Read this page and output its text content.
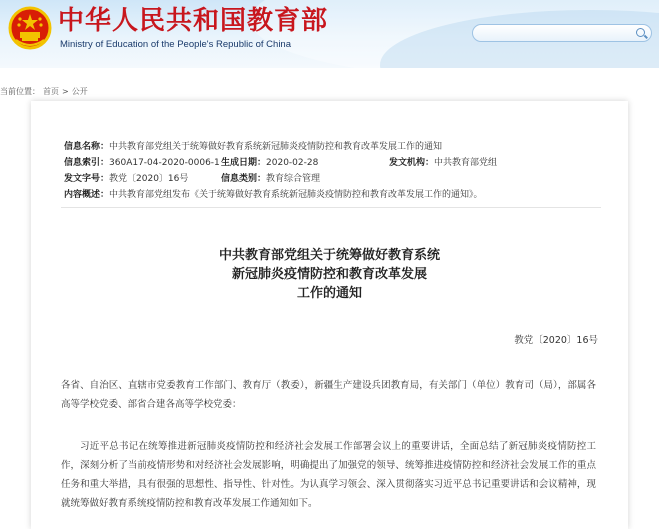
中华人民共和国教育部
Ministry of Education of the People's Republic of China
当前位置： 首页 > 公开
信息名称：中共教育部党组关于统筹做好教育系统新冠肺炎疫情防控和教育改革发展工作的通知
信息索引：360A17-04-2020-0006-1 生成日期：2020-02-28	发文机构：中共教育部党组
发文字号：教党〔2020〕16号	信息类别：教育综合管理
内容概述：中共教育部党组发布《关于统筹做好教育系统新冠肺炎疫情防控和教育改革发展工作的通知》。
中共教育部党组关于统筹做好教育系统
新冠肺炎疫情防控和教育改革发展
工作的通知
教党〔2020〕16号
各省、自治区、直辖市党委教育工作部门、教育厅（教委），新疆生产建设兵团教育局，有关部门（单位）教育司（局），部属各高等学校党委、部省合建各高等学校党委：
习近平总书记在统筹推进新冠肺炎疫情防控和经济社会发展工作部署会议上的重要讲话，全面总结了新冠肺炎疫情防控工作，深刻分析了当前疫情形势和对经济社会发展影响，明确提出了加强党的领导、统筹推进疫情防控和经济社会发展工作的重点任务和重大举措，具有很强的思想性、指导性、针对性。为认真学习领会、深入贯彻落实习近平总书记重要讲话和会议精神，现就统筹做好教育系统疫情防控和教育改革发展工作通知如下。
